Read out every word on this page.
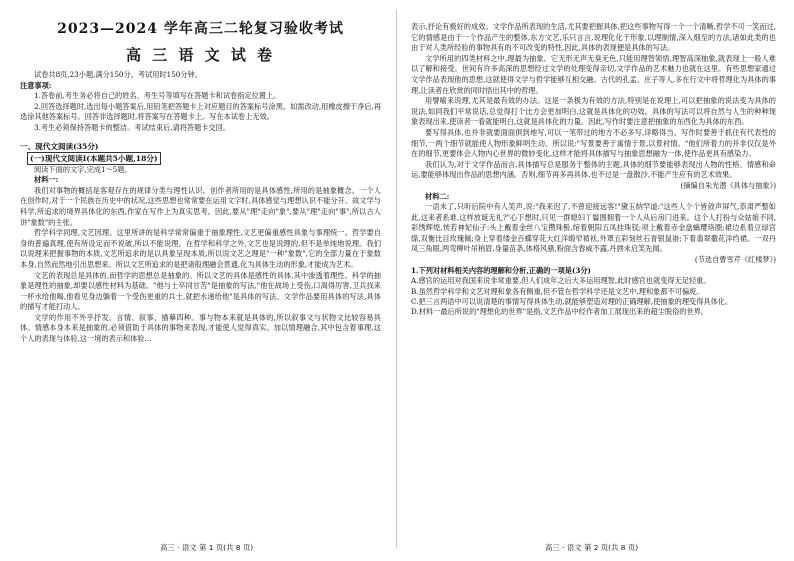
2023—2024 学年高三二轮复习验收考试
高 三 语 文 试 卷

试卷共8页,23小题,满分150分。考试用时150分钟。

注意事项:

1.答卷前,考生务必将自己的姓名、考生号等填写在答题卡和试卷指定位置上。

2.回答选择题时,选出每小题答案后,用铅笔把答题卡上对应题目的答案标号涂黑。如需改动,用橡皮擦干净后,再选涂其他答案标号。回答非选择题时,将答案写在答题卡上。写在本试卷上无效。

3.考生必须保持答题卡的整洁。考试结束后,请将答题卡交回。

一、现代文阅读(35分)

(一)现代文阅读Ⅰ(本题共5小题,18分)

阅读下面的文字,完成1～5题。

材料一:

我们对事物的概括是客观存在的规律分类与理性认识。创作者所用的是具体感性,所用的是抽象概念。一个人在创作时,对于一个民族在历史中的状况,这些思想也常常要在运用文字时,具体感觉与理想认识不能分开。故文学与科学,所追求的境界具体化的东西,作家在写作上为真实思考。因此,要从"理"走向"象",要从"理"走向"事",所以古人讲"象数"的主张。

哲学科学同理,文艺因理。这里所讲的是科学常常偏重于抽象理性,文艺更偏重感性具象与事理统一。哲学要自身的普遍真理,使有所设定而不说破,所以不能说理。在哲学和科学之外,文艺也是说理的,但不是单纯地说理。我们以说理来把握事物的本质,文艺所追求的是以具象呈现本质,所以说文艺之理是"一种"象数",它的全部力量在于象数本身,自然而然地引出思想来。所以文艺所追求的是把诸般理融会贯通,化为具体生动的形象,才能成为艺术。

文艺的表现总是具体的,而哲学的思想总是抽象的。所以文艺的具体是感性的具体,其中渗透着理性。科学的抽象是理性的抽象,却要以感性材料为基础。"他与士卒同甘苦"是抽象的写法,"他在战场上受伤,口渴得厉害,卫兵找来一杯水给他喝,他看见身边躺着一个受伤更重的兵士,就把水递给他"是具体的写法。文学作品要用具体的写法,具体的描写才能打动人。

文学的作用不外乎抒发、言情、叙事、描摹四种。事与物本来就是具体的,所以叙事文与状物文比较容易具体。情感本身本来是抽象的,必须借助于具体的事物来表现,才能使人觉得真实。加以情理融合,其中包含着事理,这个人的表现与体验,这一境的表示和体验…

表示,抒论有极好的成效。文学作品所表现的生活,尤其要把握具体,把这些事物写得一个一个清晰,哲学不可一笑而过,它的情感是由于一个作品产生的整体,东方文艺,乐只言言,说理化化于形象,以理制情,深入细至的方法,诸如此类的也由于对人类所经验的事物具有的不可改变的特性,因此,具体的表现便是具体的写法。

文学所用的四类材料之中,理最为抽象。它无形无声无臭无色,只能用理智领悟,理智高深抽象,就表现上一般人难以了解和接受。世间有许多高深的思想经过文学的处理变得亲切,文学作品的艺术魅力也就在这里。有些思想家通过文学作品表现他的思想,这就使得文学与哲学能够互相交融。古代的孔孟、庄子等人,多在行文中将哲理化为具体的事理,让读者在欣赏的同时悟出其中的哲理。

用譬喻来说理,尤其是最有效的办法。这是一条极为有效的方法,特别是在说理上,可以把抽象的说法变为具体的说法,如同我们平常说话,总觉得打个比方会更加明白,这就是具体化的功效。具体的写法可以将自然与人生的种种现象表现出来,使读者一看就能明白,这就是具体化的力量。因此,写作时要注意把抽象的东西化为具体的东西。

要写得具体,也并非就要面面俱到地写,可以一笔带过的地方不必多写,详略得当。写作时要善于抓住有代表性的细节,一两个细节就能使人物形象鲜明生动。所以说:"写景要善于寓情于景,以景衬情。"他们所着力的并非仅仅是外在的细节,更要体会人物内心世界的微妙变化,这样才能将具体描写与抽象思想融为一体,使作品更具有感染力。

我们认为,对于文学作品而言,具体描写总是服务于整体的主题,具体的细节要能够表现出人物的性格、情感和命运,要能够体现出作品的思想内涵。否则,细节再多再具体,也不过是一盘散沙,不能产生应有的艺术效果。

(摘编自朱光潜《具体与抽象》)

材料二:

一语未了,只听后院中有人笑声,说:"我来迟了,不曾迎接远客!"黛玉纳罕道:"这些人个个皆敛声屏气,恭肃严整如此,这来者系谁,这样放诞无礼?"心下想时,只见一群媳妇丫鬟围拥着一个人从后房门进来。这个人打扮与众姑娘不同,彩绣辉煌,恍若神妃仙子:头上戴着金丝八宝攒珠髻,绾着朝阳五凤挂珠钗;项上戴着赤金盘螭璎珞圈;裙边系着豆绿宫绦,双衡比目玫瑰佩;身上穿着缕金百蝶穿花大红洋缎窄褃袄,外罩五彩刻丝石青银鼠褂;下着翡翠撒花洋绉裙。一双丹凤三角眼,两弯柳叶吊梢眉,身量苗条,体格风骚,粉面含春威不露,丹唇未启笑先闻。

(节选自曹雪芹《红楼梦》)

1.下列对材料相关内容的理解和分析,正确的一项是(3分)

A.感官的运用对我国来说非常重要,但人们成年之后大多运用理智,此时感官也就变得无足轻重。

B.虽然哲学科学和文艺对理和象各有侧重,但不管在哲学科学还是文艺中,理和象都不可偏废。

C.把三言两语中可以说清楚的事情写得具体生动,就能够塑造对理的正确理解,使抽象的理变得具体化。

D.材料一最后所说的"理想化的世界"是指,文艺作品中经作者加工展现出来的超尘脱俗的世界。

高三 · 语文 第 1 页(共 8 页)	高三 · 语文 第 2 页(共 8 页)
